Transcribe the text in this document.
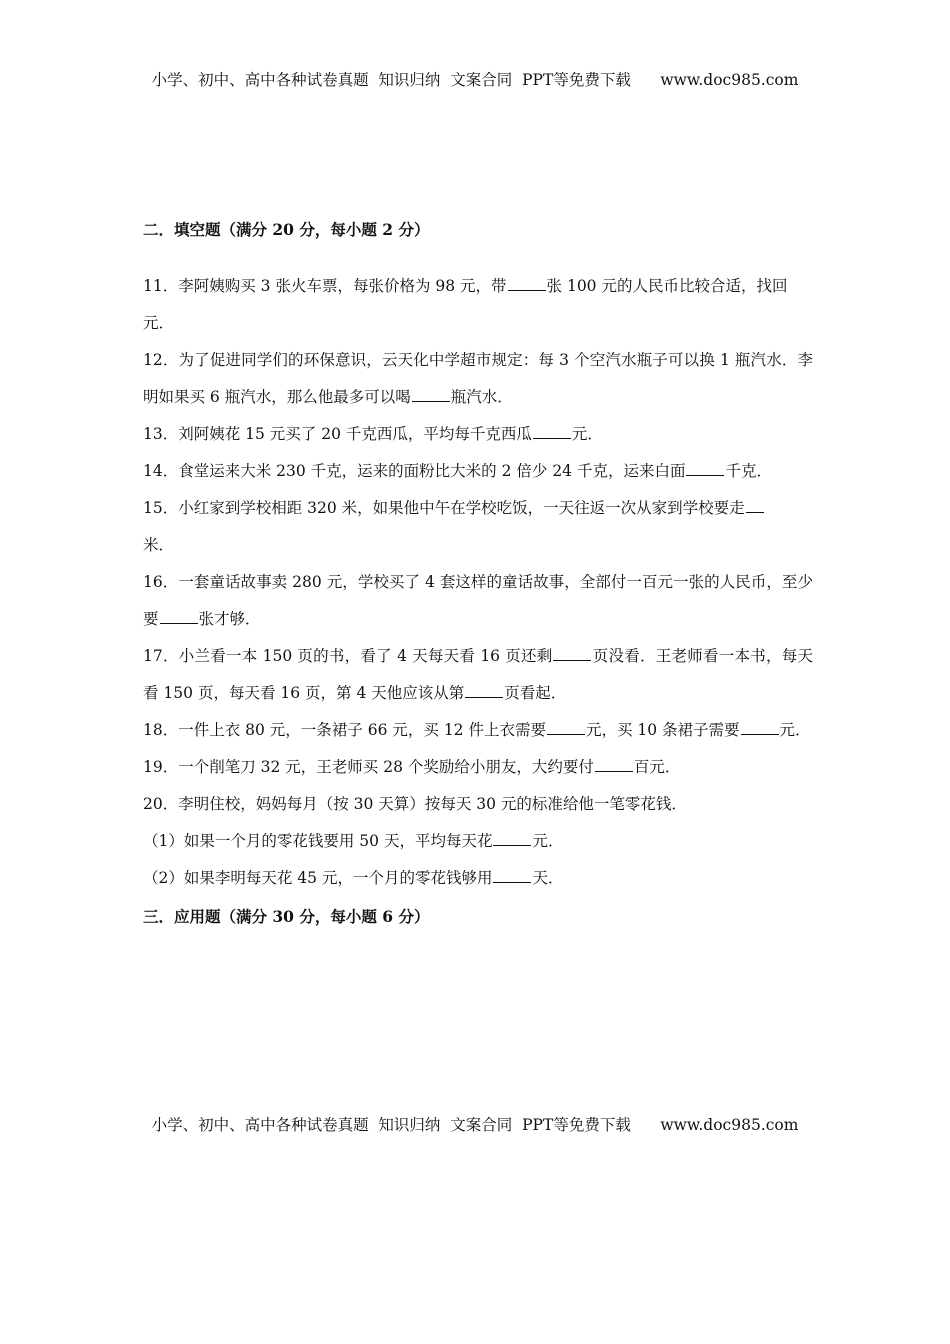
小学、初中、高中各种试卷真题  知识归纳  文案合同  PPT等免费下载 www.doc985.com
二．填空题（满分 20 分，每小题 2 分）
11．李阿姨购买 3 张火车票，每张价格为 98 元，带	张 100 元的人民币比较合适，找回
元．
12．为了促进同学们的环保意识，云天化中学超市规定：每 3 个空汽水瓶子可以换 1 瓶汽水．李明如果买 6 瓶汽水，那么他最多可以喝	瓶汽水．
13．刘阿姨花 15 元买了 20 千克西瓜，平均每千克西瓜	元．
14．食堂运来大米 230 千克，运来的面粉比大米的 2 倍少 24 千克，运来白面	千克．
15．小红家到学校相距 320 米，如果他中午在学校吃饭，一天往返一次从家到学校要走
米．
16．一套童话故事卖 280 元，学校买了 4 套这样的童话故事，全部付一百元一张的人民币，至少要	张才够．
17．小兰看一本 150 页的书，看了 4 天每天看 16 页还剩	页没看．王老师看一本书，每天看 150 页，每天看 16 页，第 4 天他应该从第	页看起．
18．一件上衣 80 元，一条裙子 66 元，买 12 件上衣需要	元，买 10 条裙子需要	元．
19．一个削笔刀 32 元，王老师买 28 个奖励给小朋友，大约要付	百元．
20．李明住校，妈妈每月（按 30 天算）按每天 30 元的标准给他一笔零花钱．
（1）如果一个月的零花钱要用 50 天，平均每天花	元．
（2）如果李明每天花 45 元，一个月的零花钱够用	天．
三．应用题（满分 30 分，每小题 6 分）
小学、初中、高中各种试卷真题  知识归纳  文案合同  PPT等免费下载 www.doc985.com
